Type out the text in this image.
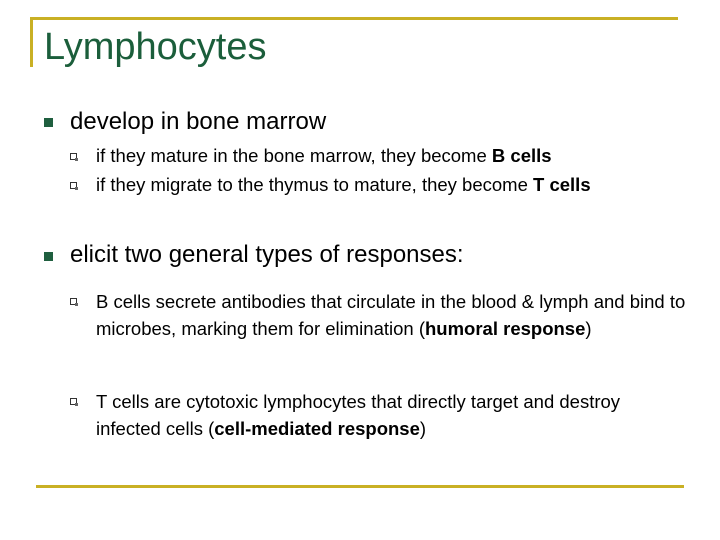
Lymphocytes
develop in bone marrow
if they mature in the bone marrow, they become B cells
if they migrate to the thymus to mature, they become T cells
elicit two general types of responses:
B cells secrete antibodies that circulate in the blood & lymph and bind to microbes, marking them for elimination (humoral response)
T cells are cytotoxic lymphocytes that directly target and destroy infected cells (cell-mediated response)
